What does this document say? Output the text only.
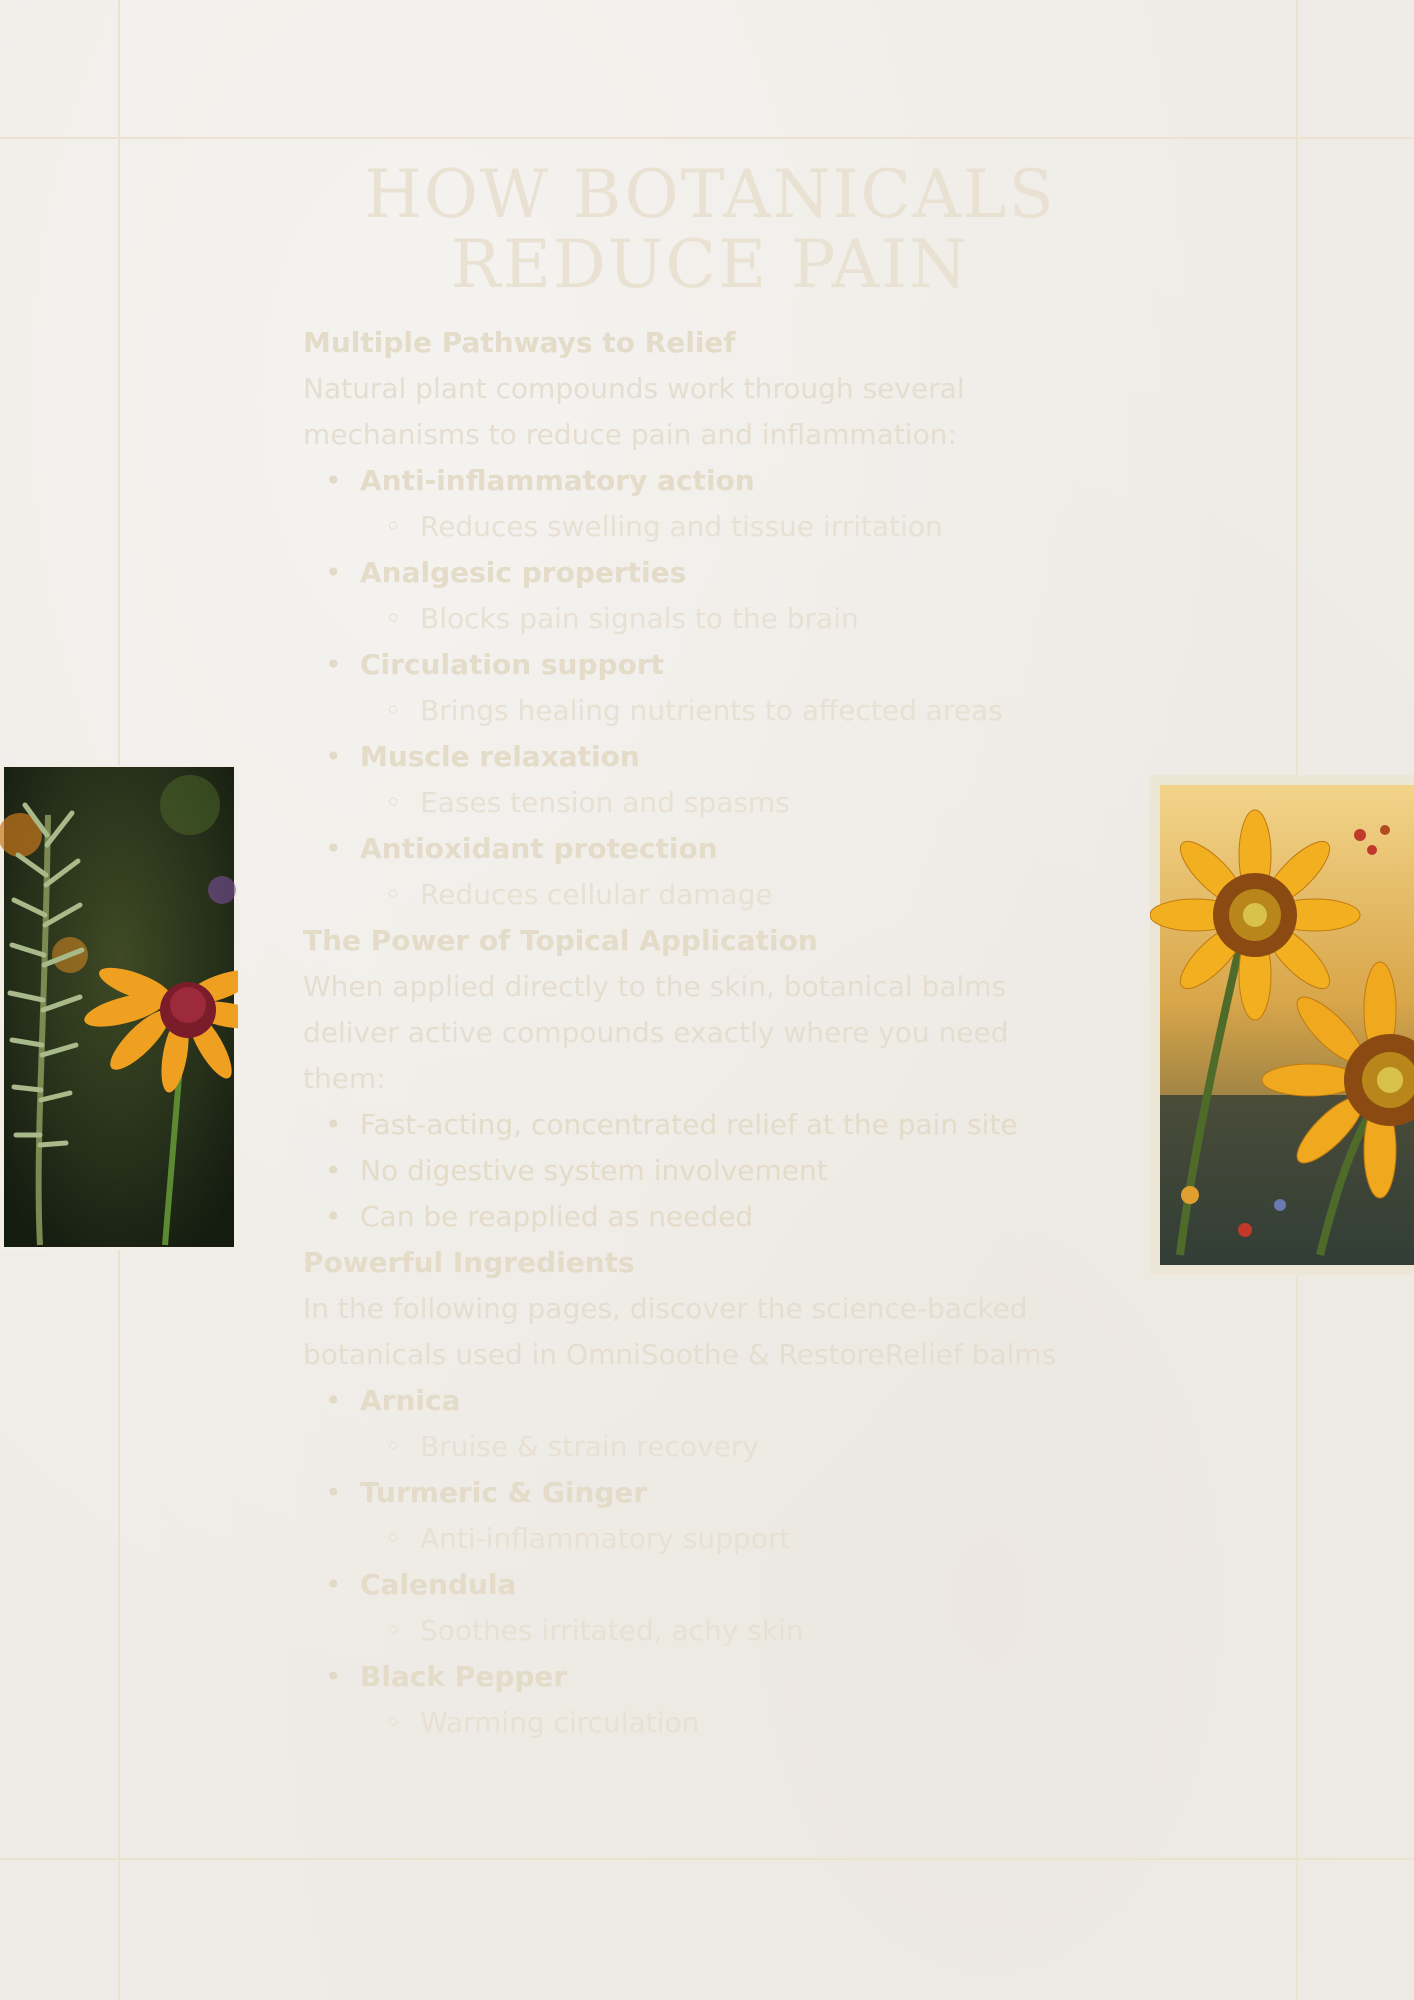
HOW BOTANICALS REDUCE PAIN
Multiple Pathways to Relief

Natural plant compounds work through several mechanisms to reduce pain and inflammation:

• Anti-inflammatory action
◦ Reduces swelling and tissue irritation
• Analgesic properties
◦ Blocks pain signals to the brain
• Circulation support
◦ Brings healing nutrients to affected areas
• Muscle relaxation
◦ Eases tension and spasms
• Antioxidant protection
◦ Reduces cellular damage
The Power of Topical Application

When applied directly to the skin, botanical balms deliver active compounds exactly where you need them:

• Fast-acting, concentrated relief at the pain site
• No digestive system involvement
• Can be reapplied as needed
Powerful Ingredients

In the following pages, discover the science-backed botanicals used in OmniSoothe & RestoreRelief balms

• Arnica
◦ Bruise & strain recovery
• Turmeric & Ginger
◦ Anti-inflammatory support
• Calendula
◦ Soothes irritated, achy skin
• Black Pepper
◦ Warming circulation
